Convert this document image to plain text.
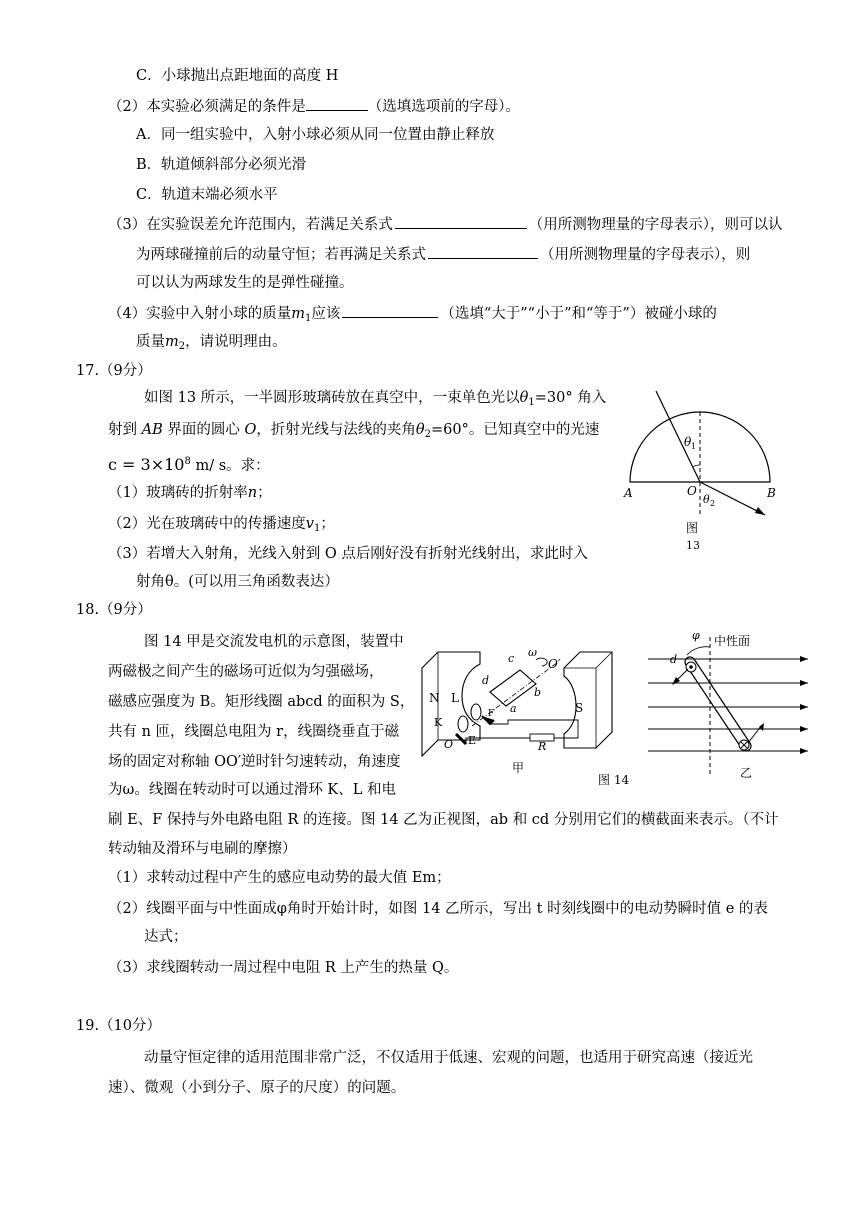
C．小球抛出点距地面的高度 H
（2）本实验必须满足的条件是	（选填选项前的字母）。
A．同一组实验中，入射小球必须从同一位置由静止释放
B．轨道倾斜部分必须光滑
C．轨道末端必须水平
（3）在实验误差允许范围内，若满足关系式	（用所测物理量的字母表示），则可以认
为两球碰撞前后的动量守恒；若再满足关系式	（用所测物理量的字母表示），则
可以认为两球发生的是弹性碰撞。
（4）实验中入射小球的质量$m_1$应该	（选填“大于”“小于”和“等于”）被碰小球的
质量$m_2$，请说明理由。
17.（9分）
如图 13 所示，一半圆形玻璃砖放在真空中，一束单色光以$\theta_1=30^\circ$ 角入
射到 AB 界面的圆心 O，折射光线与法线的夹角$\theta_2=60^\circ$。已知真空中的光速
$c = 3\times 10^8$ m/ s。求：
（1）玻璃砖的折射率n；
（2）光在玻璃砖中的传播速度$v_1$；
（3）若增大入射角，光线入射到 O 点后刚好没有折射光线射出，求此时入
射角θ。(可以用三角函数表达）
θ 1
A	B
O
θ 2
图
13
18.（9分）
图 14 甲是交流发电机的示意图，装置中
两磁极之间产生的磁场可近似为匀强磁场，
磁感应强度为 B。矩形线圈 abcd 的面积为 S，
共有 n 匝，线圈总电阻为 r，线圈绕垂直于磁
场的固定对称轴 OO′逆时针匀速转动，角速度
为ω。线圈在转动时可以通过滑环 K、L 和电
刷 E、F 保持与外电路电阻 R 的连接。图 14 乙为正视图，ab 和 cd 分别用它们的横截面来表示。（不计
转动轴及滑环与电刷的摩擦）
（1）求转动过程中产生的感应电动势的最大值 Em；
（2）线圈平面与中性面成φ角时开始计时，如图 14 乙所示，写出 t 时刻线圈中的电动势瞬时值 e 的表
达式；
（3）求线圈转动一周过程中电阻 R 上产生的热量 Q。
N L
S
ω
O′
c
d
b
a
K
E
F
O	R
甲
图 14
中性面
φ
d
乙
19.（10分）
动量守恒定律的适用范围非常广泛，不仅适用于低速、宏观的问题，也适用于研究高速（接近光
速）、微观（小到分子、原子的尺度）的问题。
